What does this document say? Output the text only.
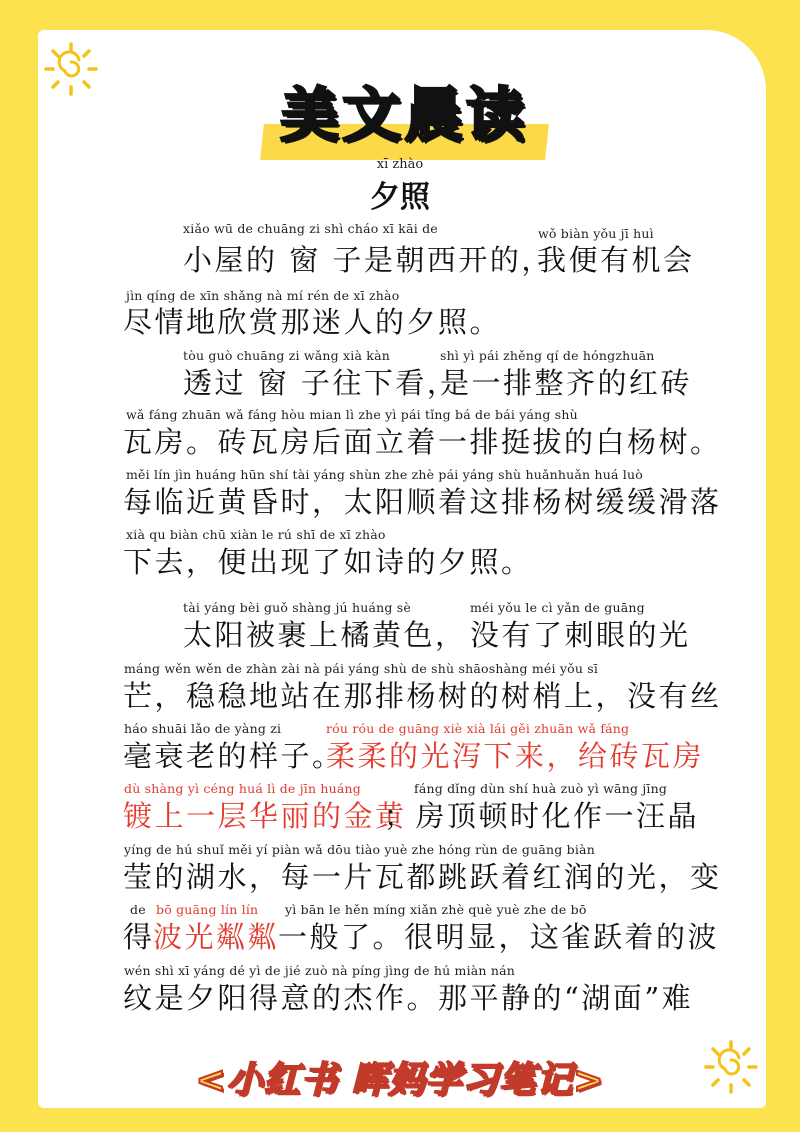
美文晨读
xī zhào
夕照
xiǎo wū de chuāng zi shì cháo xī kāi de	wǒ biàn yǒu jī huì
小屋的 窗 子是朝西开的，
我便有机会
jìn qíng de xīn shǎng nà mí rén de xī zhào
尽情地欣赏那迷人的夕照。
tòu guò chuāng zi wǎng xià kàn	shì yì pái zhěng qí de hóngzhuān
透过 窗 子往下看，
是一排整齐的红砖
wǎ fáng zhuān wǎ fáng hòu mian lì zhe yì pái tǐng bá de bái yáng shù
瓦房。砖瓦房后面立着一排挺拔的白杨树。
měi lín jìn huáng hūn shí tài yáng shùn zhe zhè pái yáng shù huǎnhuǎn huá luò
每临近黄昏时，太阳顺着这排杨树缓缓滑落
xià qu biàn chū xiàn le rú shī de xī zhào
下去，便出现了如诗的夕照。
tài yáng bèi guǒ shàng jú huáng sè	méi yǒu le cì yǎn de guāng
太阳被裹上橘黄色， 没有了刺眼的光
máng wěn wěn de zhàn zài nà pái yáng shù de shù shāoshàng méi yǒu sī
芒，稳稳地站在那排杨树的树梢上，没有丝
háo shuāi lǎo de yàng zi	róu róu de guāng xiè xià lái gěi zhuān wǎ fáng
毫衰老的样子。
柔柔的光泻下来，给砖瓦房
dù shàng yì céng huá lì de jīn huáng	fáng dǐng dùn shí huà zuò yì wāng jīng
镀上一层华丽的金黄
；房顶顿时化作一汪晶
yíng de hú shuǐ měi yí piàn wǎ dōu tiào yuè zhe hóng rùn de guāng biàn
莹的湖水，每一片瓦都跳跃着红润的光，变
de bō guāng lín lín yì bān le hěn míng xiǎn zhè què yuè zhe de bō
得
波光粼粼
一般了。很明显，这雀跃着的波
wén shì xī yáng dé yì de jié zuò nà píng jìng de hú miàn nán
纹是夕阳得意的杰作。那平静的“湖面”难
<小红书 晖妈学习笔记>
